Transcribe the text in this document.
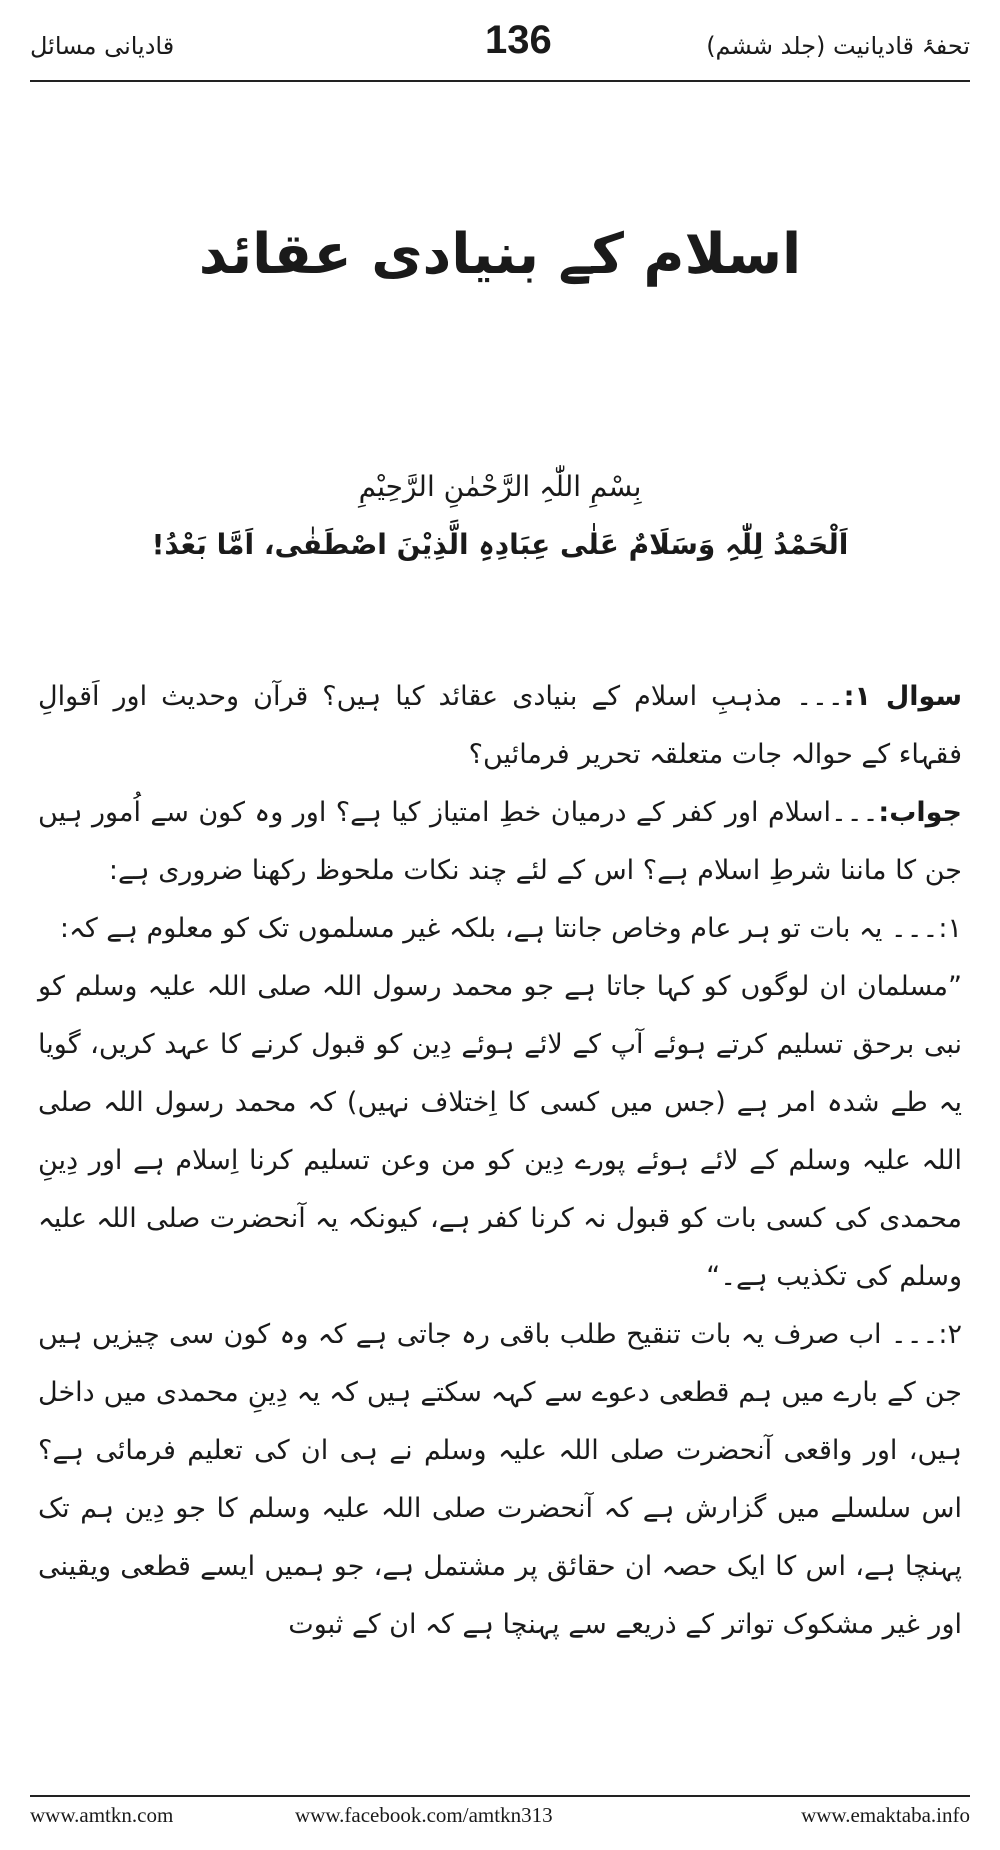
قادیانی مسائل	136	تحفۂ قادیانیت (جلد ششم)
اسلام کے بنیادی عقائد
بِسْمِ اللّٰہِ الرَّحْمٰنِ الرَّحِیْمِ
اَلْحَمْدُ لِلّٰہِ وَسَلَامٌ عَلٰی عِبَادِہِ الَّذِیْنَ اصْطَفٰی، اَمَّا بَعْدُ!

سوال ۱:۔۔۔ مذہبِ اسلام کے بنیادی عقائد کیا ہیں؟ قرآن وحدیث اور اَقوالِ فقہاء کے حوالہ جات متعلقہ تحریر فرمائیں؟

جواب:۔۔۔اسلام اور کفر کے درمیان خطِ امتیاز کیا ہے؟ اور وہ کون سے اُمور ہیں جن کا ماننا شرطِ اسلام ہے؟ اس کے لئے چند نکات ملحوظ رکھنا ضروری ہے:

۱:۔۔۔ یہ بات تو ہر عام وخاص جانتا ہے، بلکہ غیر مسلموں تک کو معلوم ہے کہ:

”مسلمان ان لوگوں کو کہا جاتا ہے جو محمد رسول اللہ صلی اللہ علیہ وسلم کو نبی برحق تسلیم کرتے ہوئے آپ کے لائے ہوئے دِین کو قبول کرنے کا عہد کریں، گویا یہ طے شدہ امر ہے (جس میں کسی کا اِختلاف نہیں) کہ محمد رسول اللہ صلی اللہ علیہ وسلم کے لائے ہوئے پورے دِین کو من وعن تسلیم کرنا اِسلام ہے اور دِینِ محمدی کی کسی بات کو قبول نہ کرنا کفر ہے، کیونکہ یہ آنحضرت صلی اللہ علیہ وسلم کی تکذیب ہے۔“

۲:۔۔۔ اب صرف یہ بات تنقیح طلب باقی رہ جاتی ہے کہ وہ کون سی چیزیں ہیں جن کے بارے میں ہم قطعی دعوے سے کہہ سکتے ہیں کہ یہ دِینِ محمدی میں داخل ہیں، اور واقعی آنحضرت صلی اللہ علیہ وسلم نے ہی ان کی تعلیم فرمائی ہے؟ اس سلسلے میں گزارش ہے کہ آنحضرت صلی اللہ علیہ وسلم کا جو دِین ہم تک پہنچا ہے، اس کا ایک حصہ ان حقائق پر مشتمل ہے، جو ہمیں ایسے قطعی ویقینی اور غیر مشکوک تواتر کے ذریعے سے پہنچا ہے کہ ان کے ثبوت

www.amtkn.com	www.facebook.com/amtkn313	www.emaktaba.info
